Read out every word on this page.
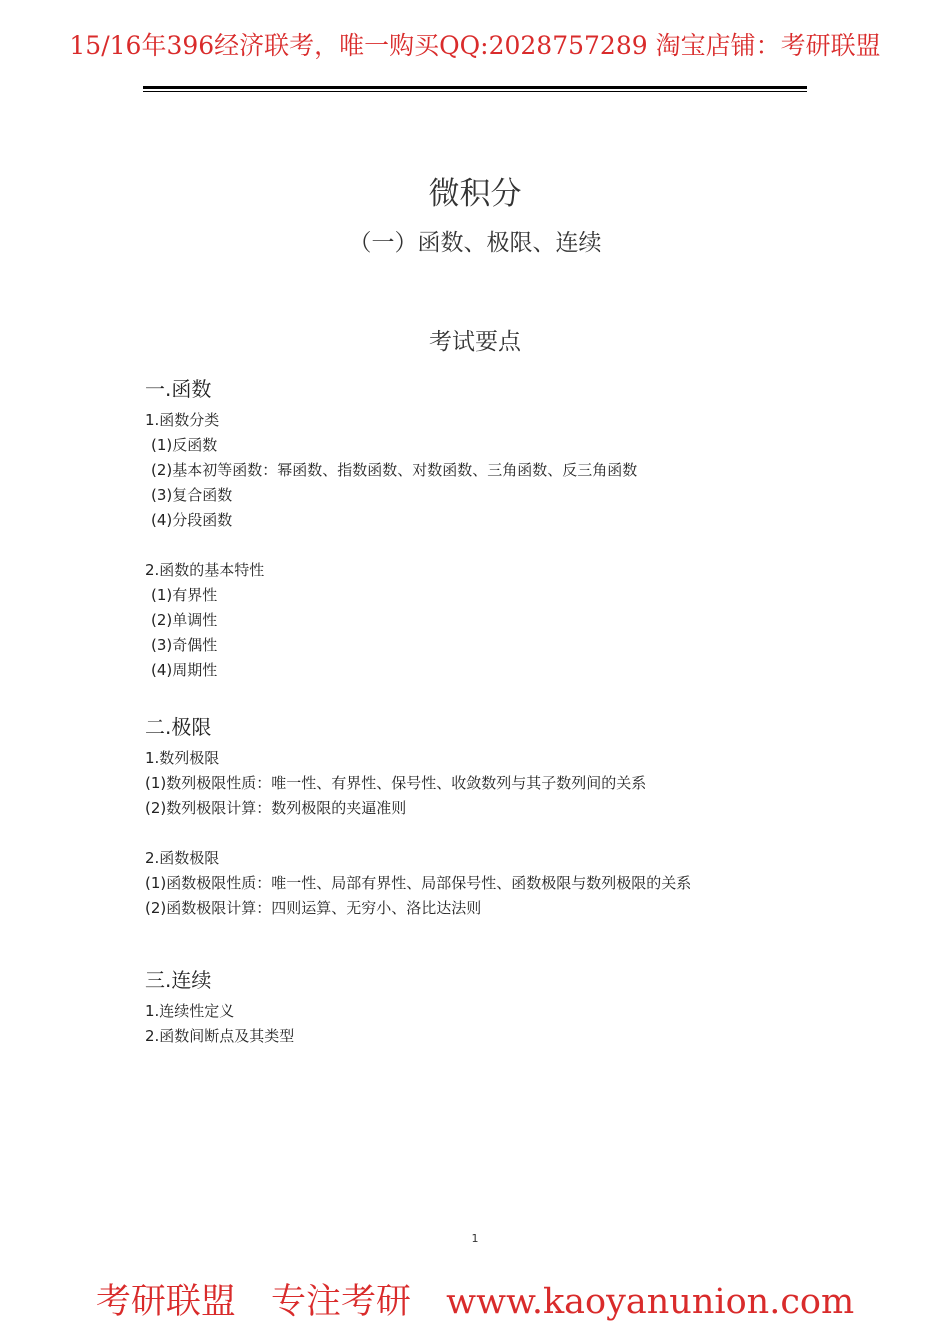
15/16年396经济联考，唯一购买QQ:2028757289 淘宝店铺：考研联盟
微积分
（一）函数、极限、连续
考试要点
一.函数
1.函数分类
(1)反函数
(2)基本初等函数：幂函数、指数函数、对数函数、三角函数、反三角函数
(3)复合函数
(4)分段函数
2.函数的基本特性
(1)有界性
(2)单调性
(3)奇偶性
(4)周期性
二.极限
1.数列极限
(1)数列极限性质：唯一性、有界性、保号性、收敛数列与其子数列间的关系
(2)数列极限计算：数列极限的夹逼准则
2.函数极限
(1)函数极限性质：唯一性、局部有界性、局部保号性、函数极限与数列极限的关系
(2)函数极限计算：四则运算、无穷小、洛比达法则
三.连续
1.连续性定义
2.函数间断点及其类型
1
考研联盟 专注考研 www.kaoyanunion.com
